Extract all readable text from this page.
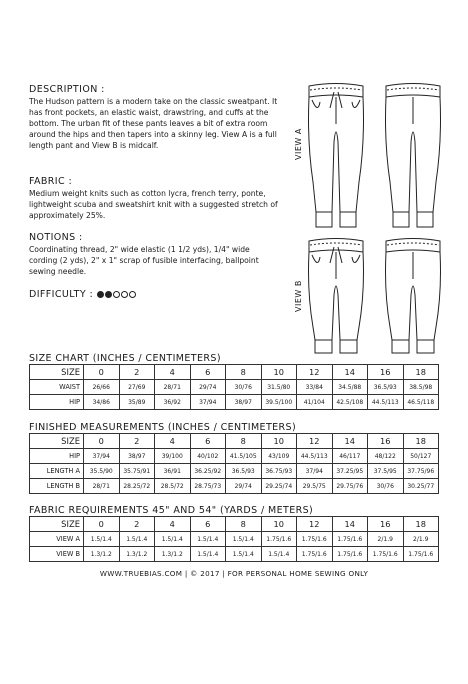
DESCRIPTION :

The Hudson pattern is a modern take on the classic sweatpant. It has front pockets, an elastic waist, drawstring, and cuffs at the bottom. The urban fit of these pants leaves a bit of extra room around the hips and then tapers into a skinny leg. View A is a full length pant and View B is midcalf.

FABRIC :

Medium weight knits such as cotton lycra, french terry, ponte, lightweight scuba and sweatshirt knit with a suggested stretch of approximately 25%.

NOTIONS :

Coordinating thread, 2" wide elastic (1 1/2 yds), 1/4" wide cording (2 yds), 2" x 1" scrap of fusible interfacing, ballpoint sewing needle.

DIFFICULTY :
VIEW A
VIEW B
SIZE CHART (INCHES / CENTIMETERS)
SIZE	0	2	4	6	8	10	12	14	16	18
WAIST	26/66	27/69	28/71	29/74	30/76	31.5/80	33/84	34.5/88	36.5/93	38.5/98
HIP	34/86	35/89	36/92	37/94	38/97	39.5/100	41/104	42.5/108	44.5/113	46.5/118
FINISHED MEASUREMENTS (INCHES / CENTIMETERS)
SIZE	0	2	4	6	8	10	12	14	16	18
HIP	37/94	38/97	39/100	40/102	41.5/105	43/109	44.5/113	46/117	48/122	50/127
LENGTH A	35.5/90	35.75/91	36/91	36.25/92	36.5/93	36.75/93	37/94	37.25/95	37.5/95	37.75/96
LENGTH B	28/71	28.25/72	28.5/72	28.75/73	29/74	29.25/74	29.5/75	29.75/76	30/76	30.25/77
FABRIC REQUIREMENTS 45" AND 54" (YARDS / METERS)
SIZE	0	2	4	6	8	10	12	14	16	18
VIEW A	1.5/1.4	1.5/1.4	1.5/1.4	1.5/1.4	1.5/1.4	1.75/1.6	1.75/1.6	1.75/1.6	2/1.9	2/1.9
VIEW B	1.3/1.2	1.3/1.2	1.3/1.2	1.5/1.4	1.5/1.4	1.5/1.4	1.75/1.6	1.75/1.6	1.75/1.6	1.75/1.6
WWW.TRUEBIAS.COM | © 2017 | FOR PERSONAL HOME SEWING ONLY
